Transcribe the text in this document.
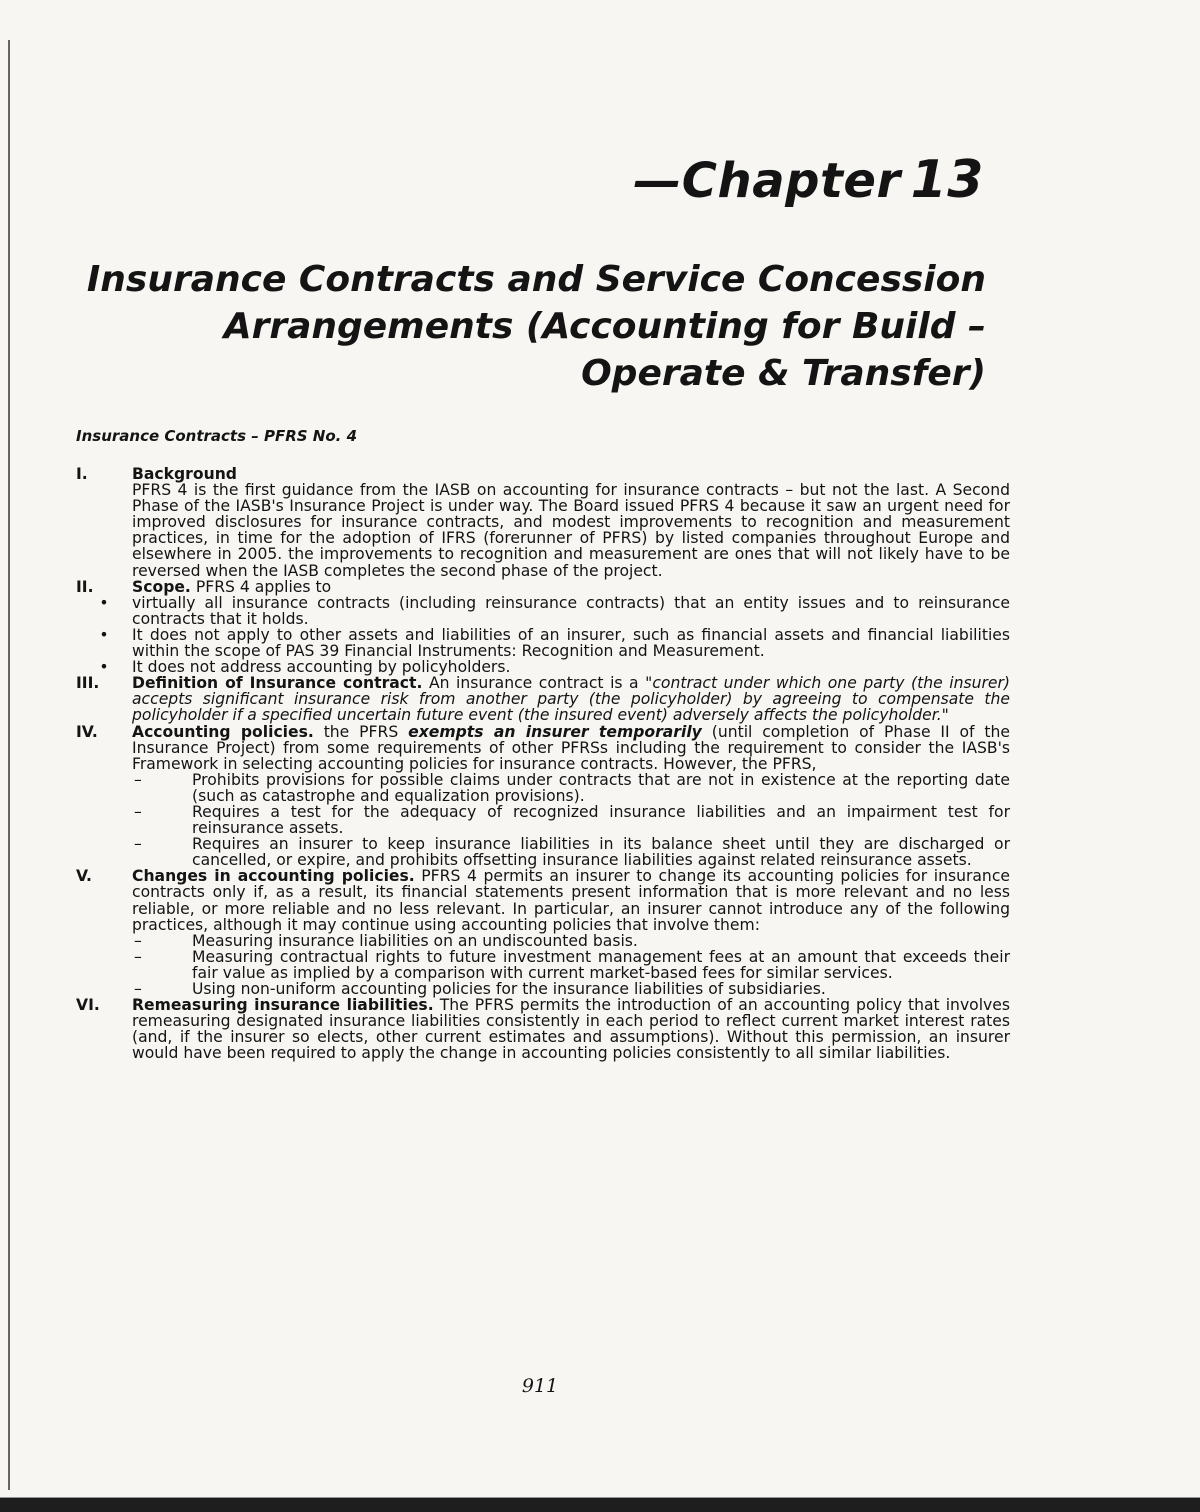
—Chapter 13
Insurance Contracts and Service Concession
Arrangements (Accounting for Build –
Operate & Transfer)
Insurance Contracts – PFRS No. 4
I.	Background
PFRS 4 is the first guidance from the IASB on accounting for insurance contracts – but not the last. A Second Phase of the IASB's Insurance Project is under way. The Board issued PFRS 4 because it saw an urgent need for improved disclosures for insurance contracts, and modest improvements to recognition and measurement practices, in time for the adoption of IFRS (forerunner of PFRS) by listed companies throughout Europe and elsewhere in 2005. the improvements to recognition and measurement are ones that will not likely have to be reversed when the IASB completes the second phase of the project.
II.	Scope. PFRS 4 applies to
•	virtually all insurance contracts (including reinsurance contracts) that an entity issues and to reinsurance contracts that it holds.
•	It does not apply to other assets and liabilities of an insurer, such as financial assets and financial liabilities within the scope of PAS 39 Financial Instruments: Recognition and Measurement.
•	It does not address accounting by policyholders.
III.	Definition of Insurance contract. An insurance contract is a "contract under which one party (the insurer) accepts significant insurance risk from another party (the policyholder) by agreeing to compensate the policyholder if a specified uncertain future event (the insured event) adversely affects the policyholder."
IV.	Accounting policies. the PFRS exempts an insurer temporarily (until completion of Phase II of the Insurance Project) from some requirements of other PFRSs including the requirement to consider the IASB's Framework in selecting accounting policies for insurance contracts. However, the PFRS,
–	Prohibits provisions for possible claims under contracts that are not in existence at the reporting date (such as catastrophe and equalization provisions).
–	Requires a test for the adequacy of recognized insurance liabilities and an impairment test for reinsurance assets.
–	Requires an insurer to keep insurance liabilities in its balance sheet until they are discharged or cancelled, or expire, and prohibits offsetting insurance liabilities against related reinsurance assets.
V.	Changes in accounting policies. PFRS 4 permits an insurer to change its accounting policies for insurance contracts only if, as a result, its financial statements present information that is more relevant and no less reliable, or more reliable and no less relevant. In particular, an insurer cannot introduce any of the following practices, although it may continue using accounting policies that involve them:
–	Measuring insurance liabilities on an undiscounted basis.
–	Measuring contractual rights to future investment management fees at an amount that exceeds their fair value as implied by a comparison with current market-based fees for similar services.
–	Using non-uniform accounting policies for the insurance liabilities of subsidiaries.
VI.	Remeasuring insurance liabilities. The PFRS permits the introduction of an accounting policy that involves remeasuring designated insurance liabilities consistently in each period to reflect current market interest rates (and, if the insurer so elects, other current estimates and assumptions). Without this permission, an insurer would have been required to apply the change in accounting policies consistently to all similar liabilities.
911
